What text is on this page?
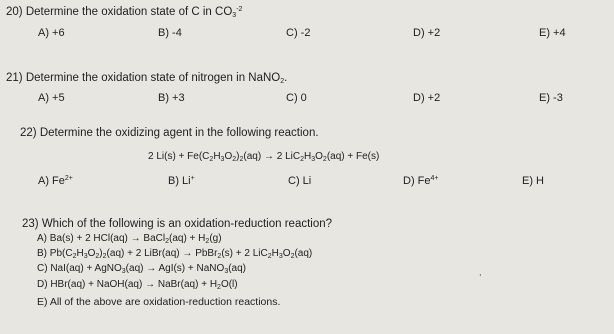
20) Determine the oxidation state of C in $CO_3^{-2}$
A) +6	B) -4	C) -2	D) +2	E) +4
21) Determine the oxidation state of nitrogen in NaNO$_2$.
A) +5	B) +3	C) 0	D) +2	E) -3
22) Determine the oxidizing agent in the following reaction.
2 $Li(s) + Fe(C_2H_3O_2)_2(aq) \to 2$ $LiC_2H_3O_2(aq) + Fe(s)$
A) $Fe^{2+}$	B) Li+	C) Li	D) $Fe^{4+}$	E) H
23) Which of the following is an oxidation-reduction reaction?
A) Ba(s) + 2 HCl(aq) → BaCl$_2$(aq) + $H_2(g)$
B) $Pb(C_2H_3O_2)_2(aq) + 2$ LiBr(aq) → PbBr$_2$(s) + 2 $LiC_2H_3O_2(aq)$
C) NaI(aq) + AgNO$_3$(aq) → AgI(s) + NaNO$_3$(aq)
D) HBr(aq) + NaOH(aq) → NaBr(aq) + $H_2O(l)$
E) All of the above are oxidation-reduction reactions.
,
